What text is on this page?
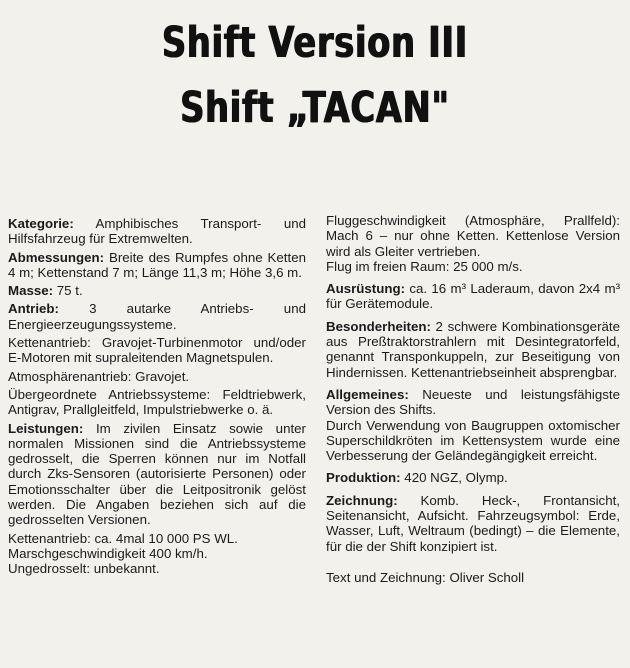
Shift Version III
Shift „TACAN"

Kategorie: Amphibisches Transport- und Hilfsfahrzeug für Extremwelten.

Abmessungen: Breite des Rumpfes ohne Ketten 4 m; Kettenstand 7 m; Länge 11,3 m; Höhe 3,6 m.

Masse: 75 t.

Antrieb: 3 autarke Antriebs- und Energieerzeugungssysteme.

Kettenantrieb: Gravojet-Turbinenmotor und/oder E-Motoren mit supraleitenden Magnetspulen.

Atmosphärenantrieb: Gravojet.

Übergeordnete Antriebssysteme: Feldtriebwerk, Antigrav, Prallgleitfeld, Impulstriebwerke o. ä.

Leistungen: Im zivilen Einsatz sowie unter normalen Missionen sind die Antriebssysteme gedrosselt, die Sperren können nur im Notfall durch Zks-Sensoren (autorisierte Personen) oder Emotionsschalter über die Leitpositronik gelöst werden. Die Angaben beziehen sich auf die gedrosselten Versionen.

Kettenantrieb: ca. 4mal 10 000 PS WL.

Marschgeschwindigkeit 400 km/h.

Ungedrosselt: unbekannt.

Fluggeschwindigkeit (Atmosphäre, Prallfeld): Mach 6 – nur ohne Ketten. Kettenlose Version wird als Gleiter vertrieben.

Flug im freien Raum: 25 000 m/s.

Ausrüstung: ca. 16 m³ Laderaum, davon 2x4 m³ für Gerätemodule.

Besonderheiten: 2 schwere Kombinationsgeräte aus Preßtraktorstrahlern mit Desintegratorfeld, genannt Transponkuppeln, zur Beseitigung von Hindernissen. Kettenantriebseinheit absprengbar.

Allgemeines: Neueste und leistungsfähigste Version des Shifts.

Durch Verwendung von Baugruppen oxtomischer Superschildkröten im Kettensystem wurde eine Verbesserung der Geländegängigkeit erreicht.

Produktion: 420 NGZ, Olymp.

Zeichnung: Komb. Heck-, Frontansicht, Seitenansicht, Aufsicht. Fahrzeugsymbol: Erde, Wasser, Luft, Weltraum (bedingt) – die Elemente, für die der Shift konzipiert ist.

Text und Zeichnung: Oliver Scholl
